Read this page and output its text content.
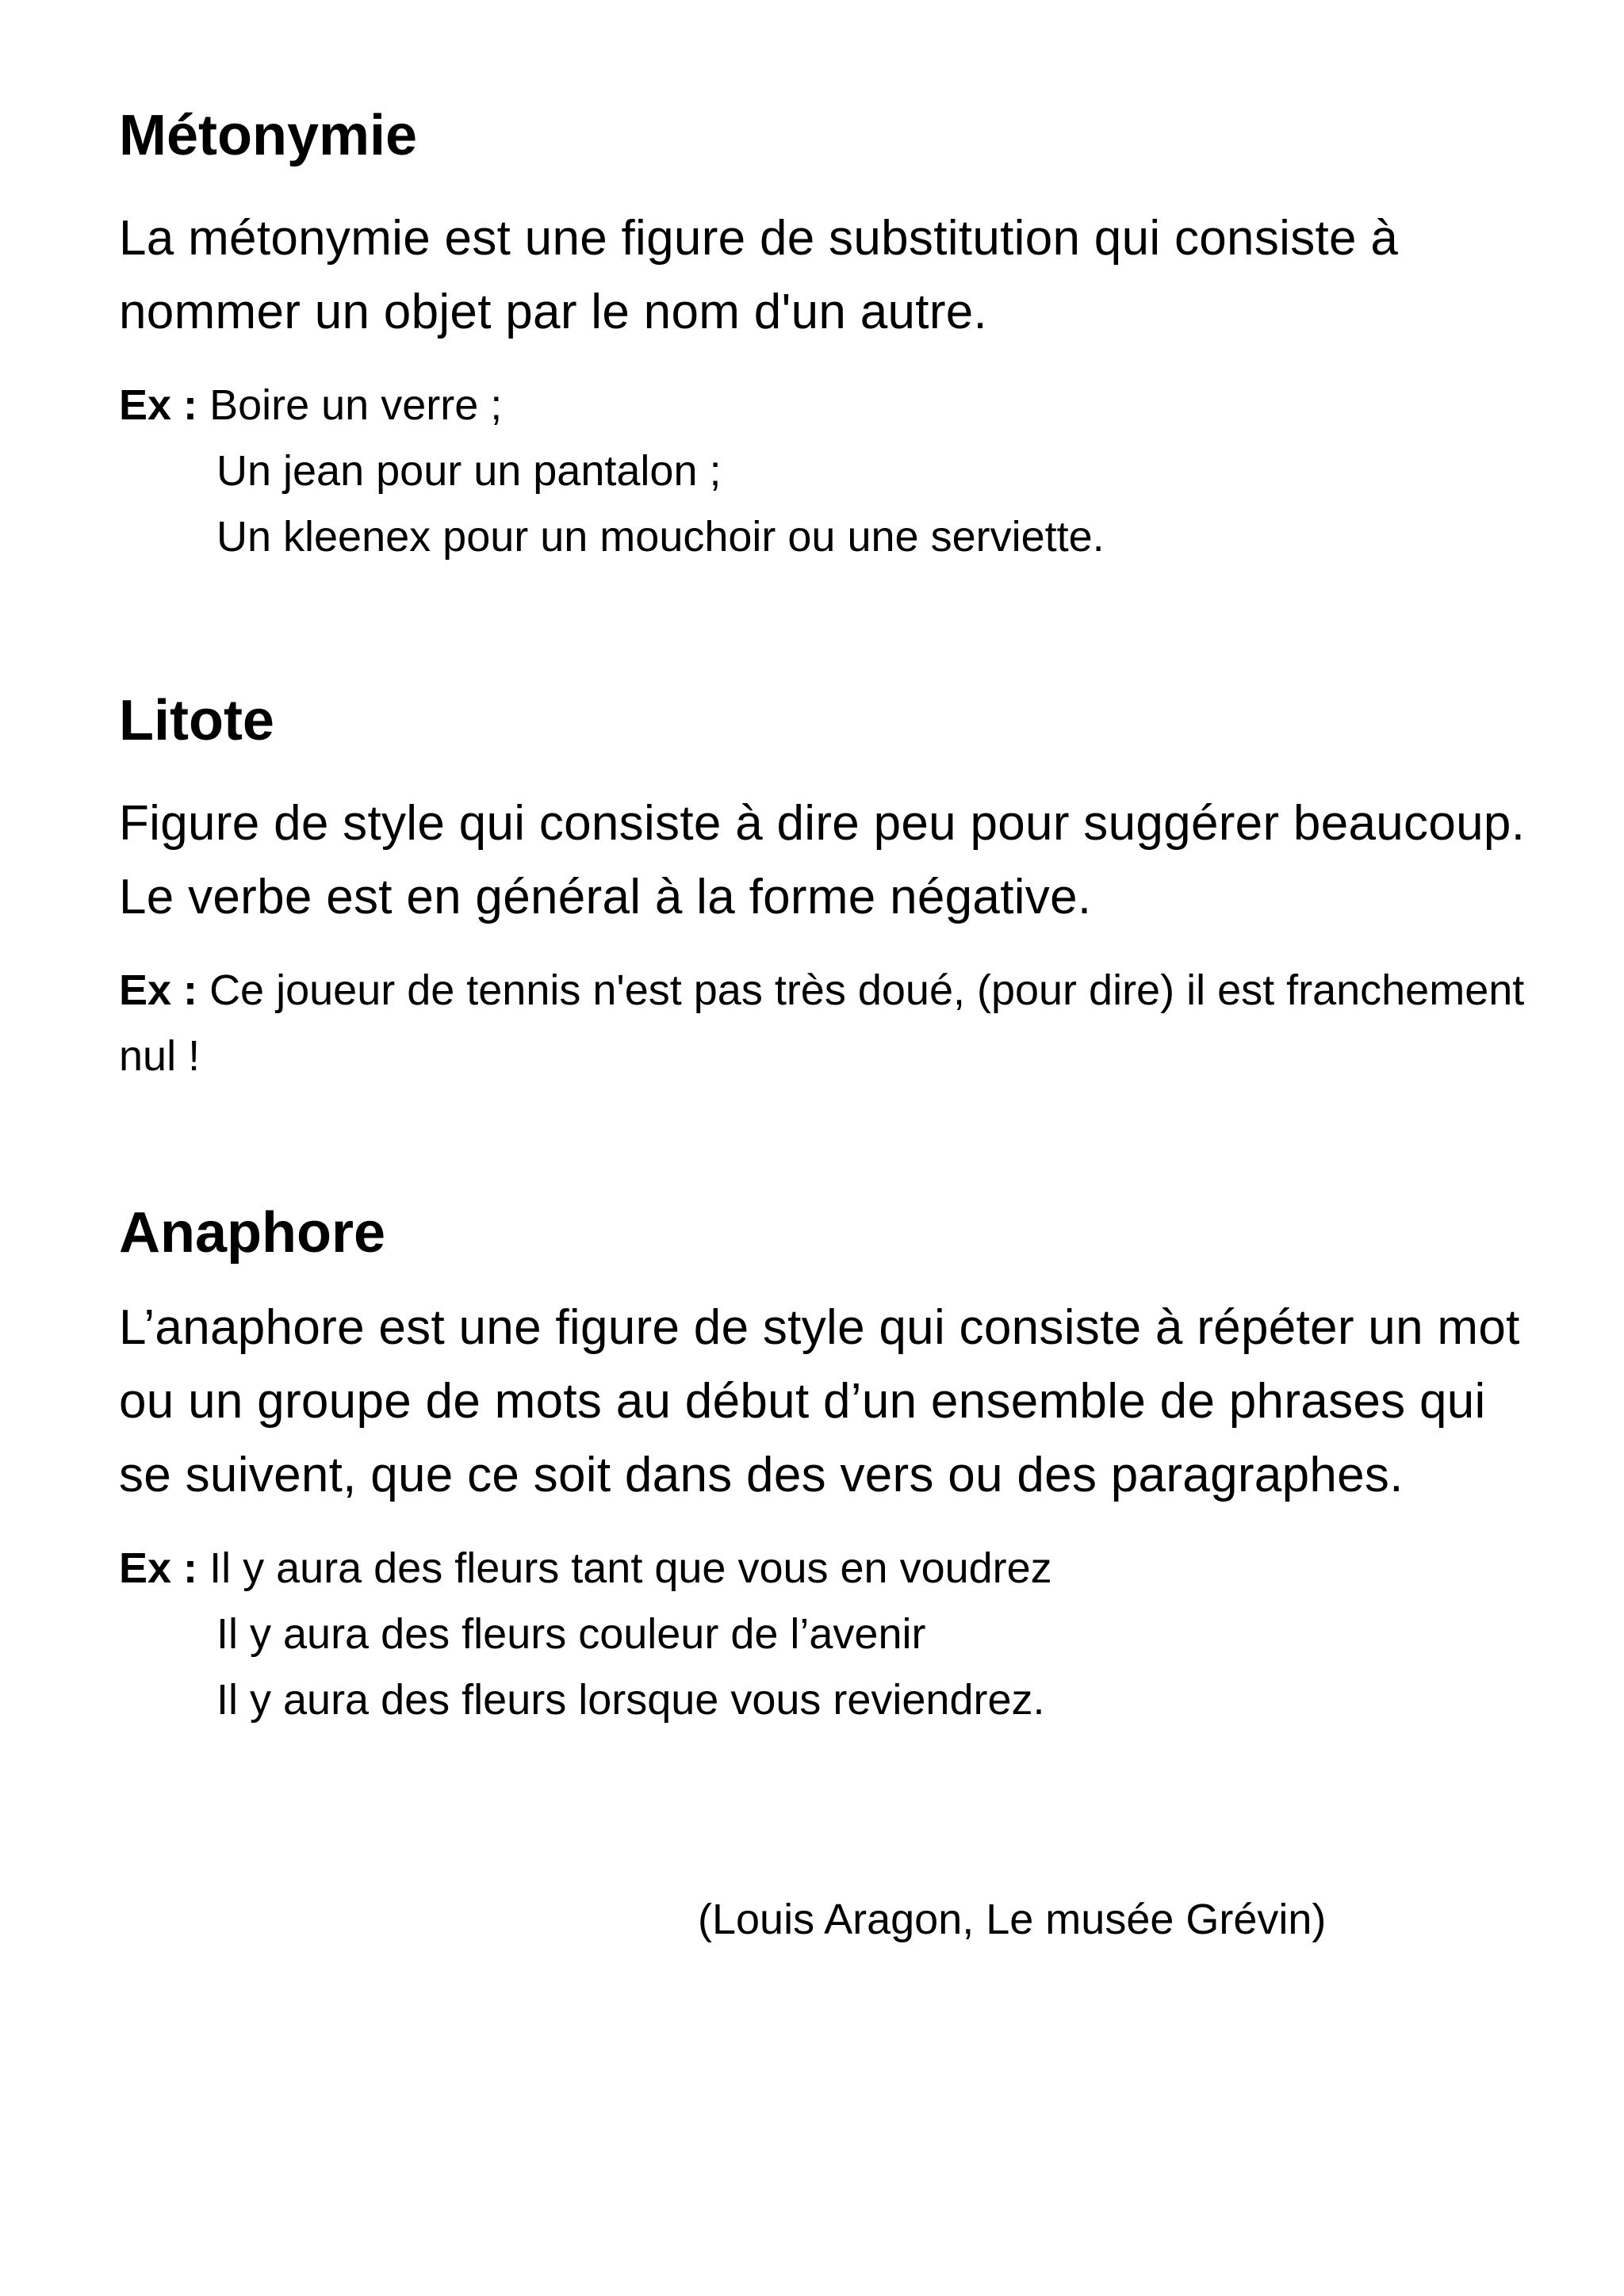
Métonymie

La métonymie est une figure de substitution qui consiste à nommer un objet par le nom d'un autre.

Ex : Boire un verre ;
Un jean pour un pantalon ;
Un kleenex pour un mouchoir ou une serviette.
Litote

Figure de style qui consiste à dire peu pour suggérer beaucoup. Le verbe est en général à la forme négative.

Ex : Ce joueur de tennis n'est pas très doué, (pour dire) il est franchement nul !

Anaphore

L’anaphore est une figure de style qui consiste à répéter un mot ou un groupe de mots au début d’un ensemble de phrases qui se suivent, que ce soit dans des vers ou des paragraphes.

Ex : Il y aura des fleurs tant que vous en voudrez
Il y aura des fleurs couleur de l’avenir
Il y aura des fleurs lorsque vous reviendrez.
(Louis Aragon, Le musée Grévin)
